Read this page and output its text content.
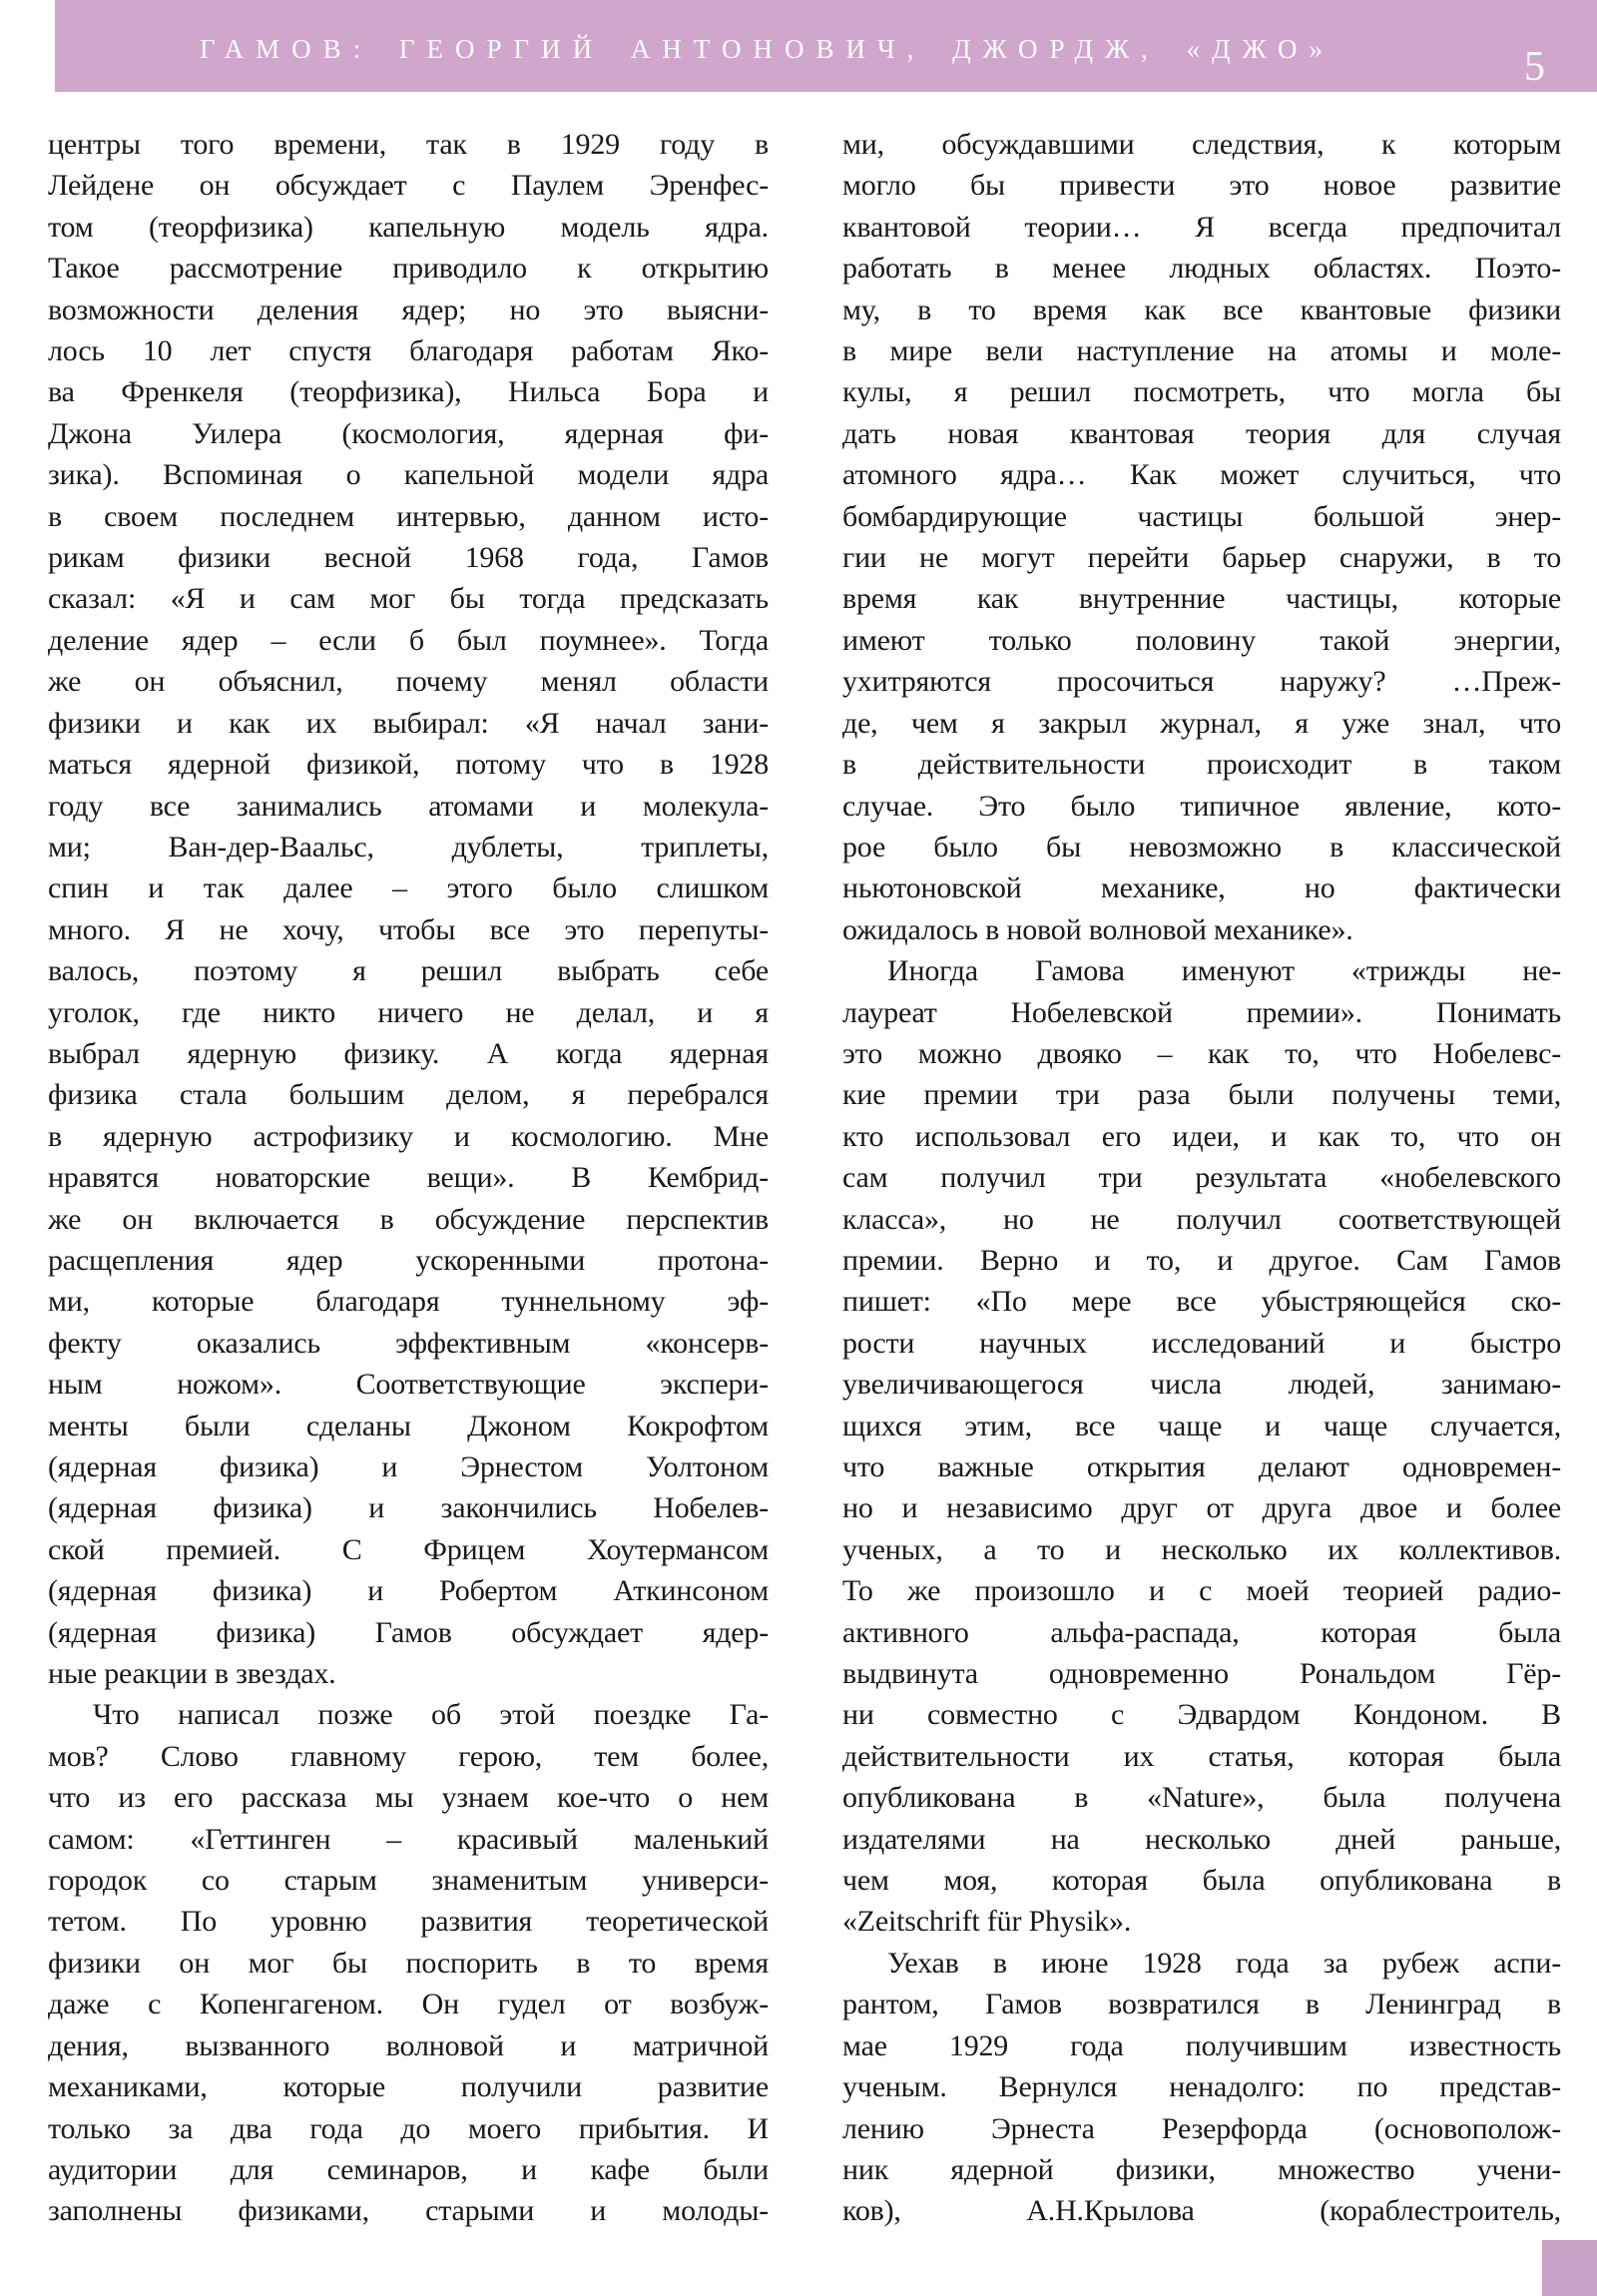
ГАМОВ: ГЕОРГИЙ АНТОНОВИЧ, ДЖОРДЖ, «ДЖО»	5
центры того времени, так в 1929 году в
Лейдене он обсуждает с Паулем Эренфес-
том (теорфизика) капельную модель ядра.
Такое рассмотрение приводило к открытию
возможности деления ядер; но это выясни-
лось 10 лет спустя благодаря работам Яко-
ва Френкеля (теорфизика), Нильса Бора и
Джона Уилера (космология, ядерная фи-
зика). Вспоминая о капельной модели ядра
в своем последнем интервью, данном исто-
рикам физики весной 1968 года, Гамов
сказал: «Я и сам мог бы тогда предсказать
деление ядер – если б был поумнее». Тогда
же он объяснил, почему менял области
физики и как их выбирал: «Я начал зани-
маться ядерной физикой, потому что в 1928
году все занимались атомами и молекула-
ми; Ван-дер-Ваальс, дублеты, триплеты,
спин и так далее – этого было слишком
много. Я не хочу, чтобы все это перепуты-
валось, поэтому я решил выбрать себе
уголок, где никто ничего не делал, и я
выбрал ядерную физику. А когда ядерная
физика стала большим делом, я перебрался
в ядерную астрофизику и космологию. Мне
нравятся новаторские вещи». В Кембрид-
же он включается в обсуждение перспектив
расщепления ядер ускоренными протона-
ми, которые благодаря туннельному эф-
фекту оказались эффективным «консерв-
ным ножом». Соответствующие экспери-
менты были сделаны Джоном Кокрофтом
(ядерная физика) и Эрнестом Уолтоном
(ядерная физика) и закончились Нобелев-
ской премией. С Фрицем Хоутермансом
(ядерная физика) и Робертом Аткинсоном
(ядерная физика) Гамов обсуждает ядер-
ные реакции в звездах.
Что написал позже об этой поездке Га-
мов? Слово главному герою, тем более,
что из его рассказа мы узнаем кое-что о нем
самом: «Геттинген – красивый маленький
городок со старым знаменитым универси-
тетом. По уровню развития теоретической
физики он мог бы поспорить в то время
даже с Копенгагеном. Он гудел от возбуж-
дения, вызванного волновой и матричной
механиками, которые получили развитие
только за два года до моего прибытия. И
аудитории для семинаров, и кафе были
заполнены физиками, старыми и молоды-
ми, обсуждавшими следствия, к которым
могло бы привести это новое развитие
квантовой теории… Я всегда предпочитал
работать в менее людных областях. Поэто-
му, в то время как все квантовые физики
в мире вели наступление на атомы и моле-
кулы, я решил посмотреть, что могла бы
дать новая квантовая теория для случая
атомного ядра… Как может случиться, что
бомбардирующие частицы большой энер-
гии не могут перейти барьер снаружи, в то
время как внутренние частицы, которые
имеют только половину такой энергии,
ухитряются просочиться наружу? …Преж-
де, чем я закрыл журнал, я уже знал, что
в действительности происходит в таком
случае. Это было типичное явление, кото-
рое было бы невозможно в классической
ньютоновской механике, но фактически
ожидалось в новой волновой механике».
Иногда Гамова именуют «трижды не-
лауреат Нобелевской премии». Понимать
это можно двояко – как то, что Нобелевс-
кие премии три раза были получены теми,
кто использовал его идеи, и как то, что он
сам получил три результата «нобелевского
класса», но не получил соответствующей
премии. Верно и то, и другое. Сам Гамов
пишет: «По мере все убыстряющейся ско-
рости научных исследований и быстро
увеличивающегося числа людей, занимаю-
щихся этим, все чаще и чаще случается,
что важные открытия делают одновремен-
но и независимо друг от друга двое и более
ученых, а то и несколько их коллективов.
То же произошло и с моей теорией радио-
активного альфа-распада, которая была
выдвинута одновременно Рональдом Гёр-
ни совместно с Эдвардом Кондоном. В
действительности их статья, которая была
опубликована в «Nature», была получена
издателями на несколько дней раньше,
чем моя, которая была опубликована в
«Zeitschrift für Physik».
Уехав в июне 1928 года за рубеж аспи-
рантом, Гамов возвратился в Ленинград в
мае 1929 года получившим известность
ученым. Вернулся ненадолго: по представ-
лению Эрнеста Резерфорда (основополож-
ник ядерной физики, множество учени-
ков), А.Н.Крылова (кораблестроитель,
